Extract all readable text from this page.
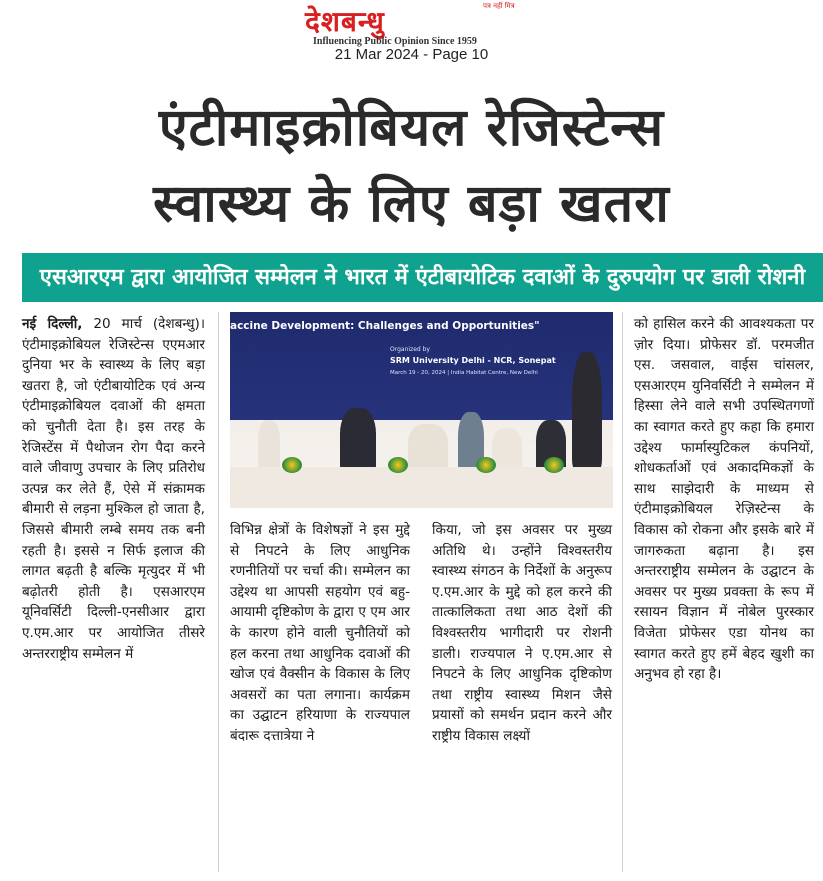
देशबन्धु	पत्र नहीं मित्र
Influencing Public Opinion Since 1959
21 Mar 2024 - Page 10
एंटीमाइक्रोबियल रेजिस्टेन्स
स्वास्थ्य के लिए बड़ा खतरा
एसआरएम द्वारा आयोजित सम्मेलन ने भारत में एंटीबायोटिक दवाओं के दुरुपयोग पर डाली रोशनी
नई दिल्ली, 20 मार्च (देशबन्धु)। एंटीमाइक्रोबियल रेजिस्टेन्स एएमआर दुनिया भर के स्वास्थ्य के लिए बड़ा खतरा है, जो एंटीबायोटिक एवं अन्य एंटीमाइक्रोबियल दवाओं की क्षमता को चुनौती देता है। इस तरह के रेजिस्टेंस में पैथोजन रोग पैदा करने वाले जीवाणु उपचार के लिए प्रतिरोध उत्पन्न कर लेते हैं, ऐसे में संक्रामक बीमारी से लड़ना मुश्किल हो जाता है, जिससे बीमारी लम्बे समय तक बनी रहती है। इससे न सिर्फ इलाज की लागत बढ़ती है बल्कि मृत्युदर में भी बढ़ोतरी होती है। एसआरएम यूनिवर्सिटी दिल्ली-एनसीआर द्वारा ए.एम.आर पर आयोजित तीसरे अन्तरराष्ट्रीय सम्मेलन में
accine Development: Challenges and Opportunities"
Organized by
SRM University Delhi - NCR, Sonepat
March 19 - 20, 2024 | India Habitat Centre, New Delhi
विभिन्न क्षेत्रों के विशेषज्ञों ने इस मुद्दे से निपटने के लिए आधुनिक रणनीतियों पर चर्चा की। सम्मेलन का उद्देश्य था आपसी सहयोग एवं बहु-आयामी दृष्टिकोण के द्वारा ए एम आर के कारण होने वाली चुनौतियों को हल करना तथा आधुनिक दवाओं की खोज एवं वैक्सीन के विकास के लिए अवसरों का पता लगाना। कार्यक्रम का उद्घाटन हरियाणा के राज्यपाल बंदारू दत्तात्रेया ने
किया, जो इस अवसर पर मुख्य अतिथि थे। उन्होंने विश्वस्तरीय स्वास्थ्य संगठन के निर्देशों के अनुरूप ए.एम.आर के मुद्दे को हल करने की तात्कालिकता तथा आठ देशों की विश्वस्तरीय भागीदारी पर रोशनी डाली। राज्यपाल ने ए.एम.आर से निपटने के लिए आधुनिक दृष्टिकोण तथा राष्ट्रीय स्वास्थ्य मिशन जैसे प्रयासों को समर्थन प्रदान करने और राष्ट्रीय विकास लक्ष्यों
को हासिल करने की आवश्यकता पर ज़ोर दिया। प्रोफेसर डॉ. परमजीत एस. जसवाल, वाईस चांसलर, एसआरएम युनिवर्सिटी ने सम्मेलन में हिस्सा लेने वाले सभी उपस्थितगणों का स्वागत करते हुए कहा कि हमारा उद्देश्य फार्मास्युटिकल कंपनियों, शोधकर्ताओं एवं अकादमिकज्ञों के साथ साझेदारी के माध्यम से एंटीमाइक्रोबियल रेज़िस्टेन्स के विकास को रोकना और इसके बारे में जागरुकता बढ़ाना है। इस अन्तरराष्ट्रीय सम्मेलन के उद्घाटन के अवसर पर मुख्य प्रवक्ता के रूप में रसायन विज्ञान में नोबेल पुरस्कार विजेता प्रोफेसर एडा योनथ का स्वागत करते हुए हमें बेहद खुशी का अनुभव हो रहा है।
